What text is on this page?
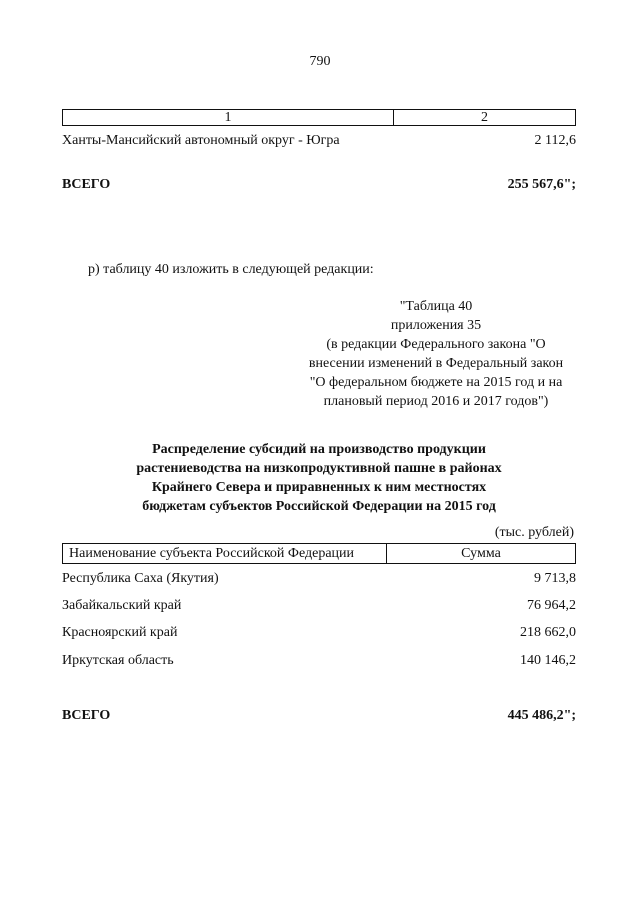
790
1	2
Ханты-Мансийский автономный округ - Югра	2 112,6
ВСЕГО	255 567,6";
р) таблицу 40 изложить в следующей редакции:
"Таблица 40
приложения 35
(в редакции Федерального закона "О
внесении изменений в Федеральный закон
"О федеральном бюджете на 2015 год и на
плановый период 2016 и 2017 годов")
Распределение субсидий на производство продукции
растениеводства на низкопродуктивной пашне в районах
Крайнего Севера и приравненных к ним местностях
бюджетам субъектов Российской Федерации на 2015 год
(тыс. рублей)
Наименование субъекта Российской Федерации	Сумма
Республика Саха (Якутия)	9 713,8
Забайкальский край	76 964,2
Красноярский край	218 662,0
Иркутская область	140 146,2
ВСЕГО	445 486,2";
